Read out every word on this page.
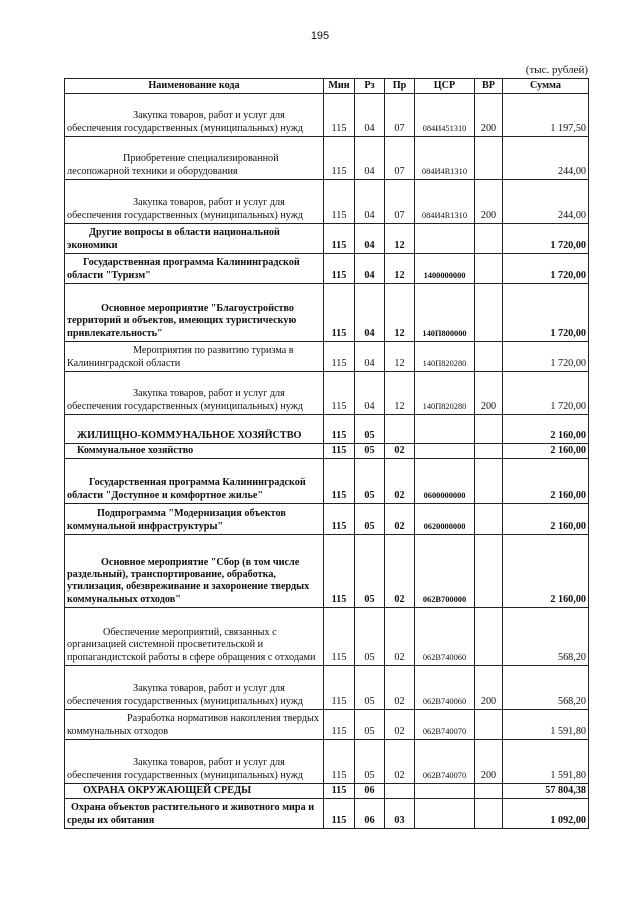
195
(тыс. рублей)
Наименование кода	Мин	Рз	Пр	ЦСР	ВР	Сумма
Закупка товаров, работ и услуг для обеспечения государственных (муниципальных) нужд	115	04	07	084И451310	200	1 197,50
Приобретение специализированной лесопожарной техники и оборудования	115	04	07	084И4R1310		244,00
Закупка товаров, работ и услуг для обеспечения государственных (муниципальных) нужд	115	04	07	084И4R1310	200	244,00
Другие вопросы в области национальной экономики	115	04	12			1 720,00
Государственная программа Калининградской области "Туризм"	115	04	12	1400000000		1 720,00
Основное мероприятие "Благоустройство территорий и объектов, имеющих туристическую привлекательность"	115	04	12	140П800000		1 720,00
Мероприятия по развитию туризма в Калининградской области	115	04	12	140П820280		1 720,00
Закупка товаров, работ и услуг для обеспечения государственных (муниципальных) нужд	115	04	12	140П820280	200	1 720,00
ЖИЛИЩНО-КОММУНАЛЬНОЕ ХОЗЯЙСТВО	115	05				2 160,00
Коммунальное хозяйство	115	05	02			2 160,00
Государственная программа Калининградской области "Доступное и комфортное жилье"	115	05	02	0600000000		2 160,00
Подпрограмма "Модернизация объектов коммунальной инфраструктуры"	115	05	02	0620000000		2 160,00
Основное мероприятие "Сбор (в том числе раздельный), транспортирование, обработка, утилизация, обезвреживание и захоронение твердых коммунальных отходов"	115	05	02	062В700000		2 160,00
Обеспечение мероприятий, связанных с организацией системной просветительской и пропагандистской работы в сфере обращения с отходами	115	05	02	062В740060		568,20
Закупка товаров, работ и услуг для обеспечения государственных (муниципальных) нужд	115	05	02	062В740060	200	568,20
Разработка нормативов накопления твердых коммунальных отходов	115	05	02	062В740070		1 591,80
Закупка товаров, работ и услуг для обеспечения государственных (муниципальных) нужд	115	05	02	062В740070	200	1 591,80
ОХРАНА ОКРУЖАЮЩЕЙ СРЕДЫ	115	06				57 804,38
Охрана объектов растительного и животного мира и среды их обитания	115	06	03			1 092,00
